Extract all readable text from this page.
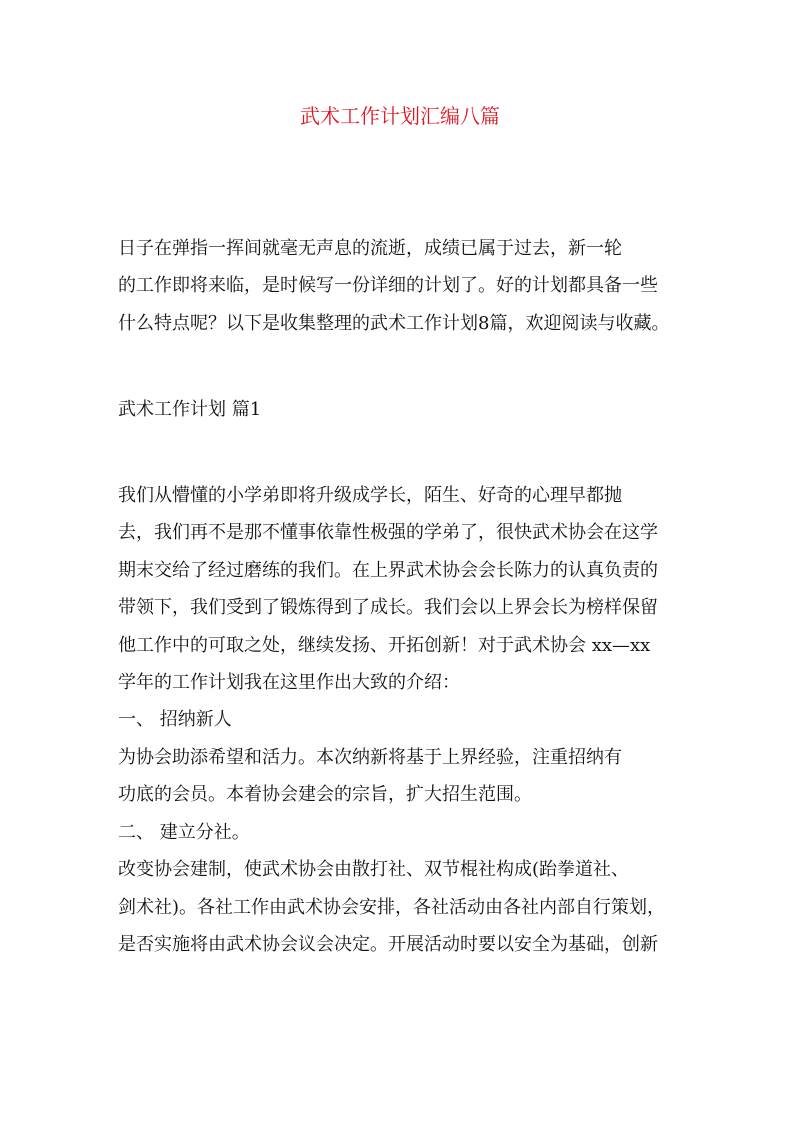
武术工作计划汇编八篇
日子在弹指一挥间就毫无声息的流逝，成绩已属于过去，新一轮
的工作即将来临，是时候写一份详细的计划了。好的计划都具备一些
什么特点呢？以下是收集整理的武术工作计划8篇，欢迎阅读与收藏。
武术工作计划 篇1
我们从懵懂的小学弟即将升级成学长，陌生、好奇的心理早都抛
去，我们再不是那不懂事依靠性极强的学弟了，很快武术协会在这学
期末交给了经过磨练的我们。在上界武术协会会长陈力的认真负责的
带领下，我们受到了锻炼得到了成长。我们会以上界会长为榜样保留
他工作中的可取之处，继续发扬、开拓创新！对于武术协会 xx—xx
学年的工作计划我在这里作出大致的介绍：
一、 招纳新人
为协会助添希望和活力。本次纳新将基于上界经验，注重招纳有
功底的会员。本着协会建会的宗旨，扩大招生范围。
二、 建立分社。
改变协会建制，使武术协会由散打社、双节棍社构成(跆拳道社、
剑术社)。各社工作由武术协会安排，各社活动由各社内部自行策划，
是否实施将由武术协会议会决定。开展活动时要以安全为基础，创新
